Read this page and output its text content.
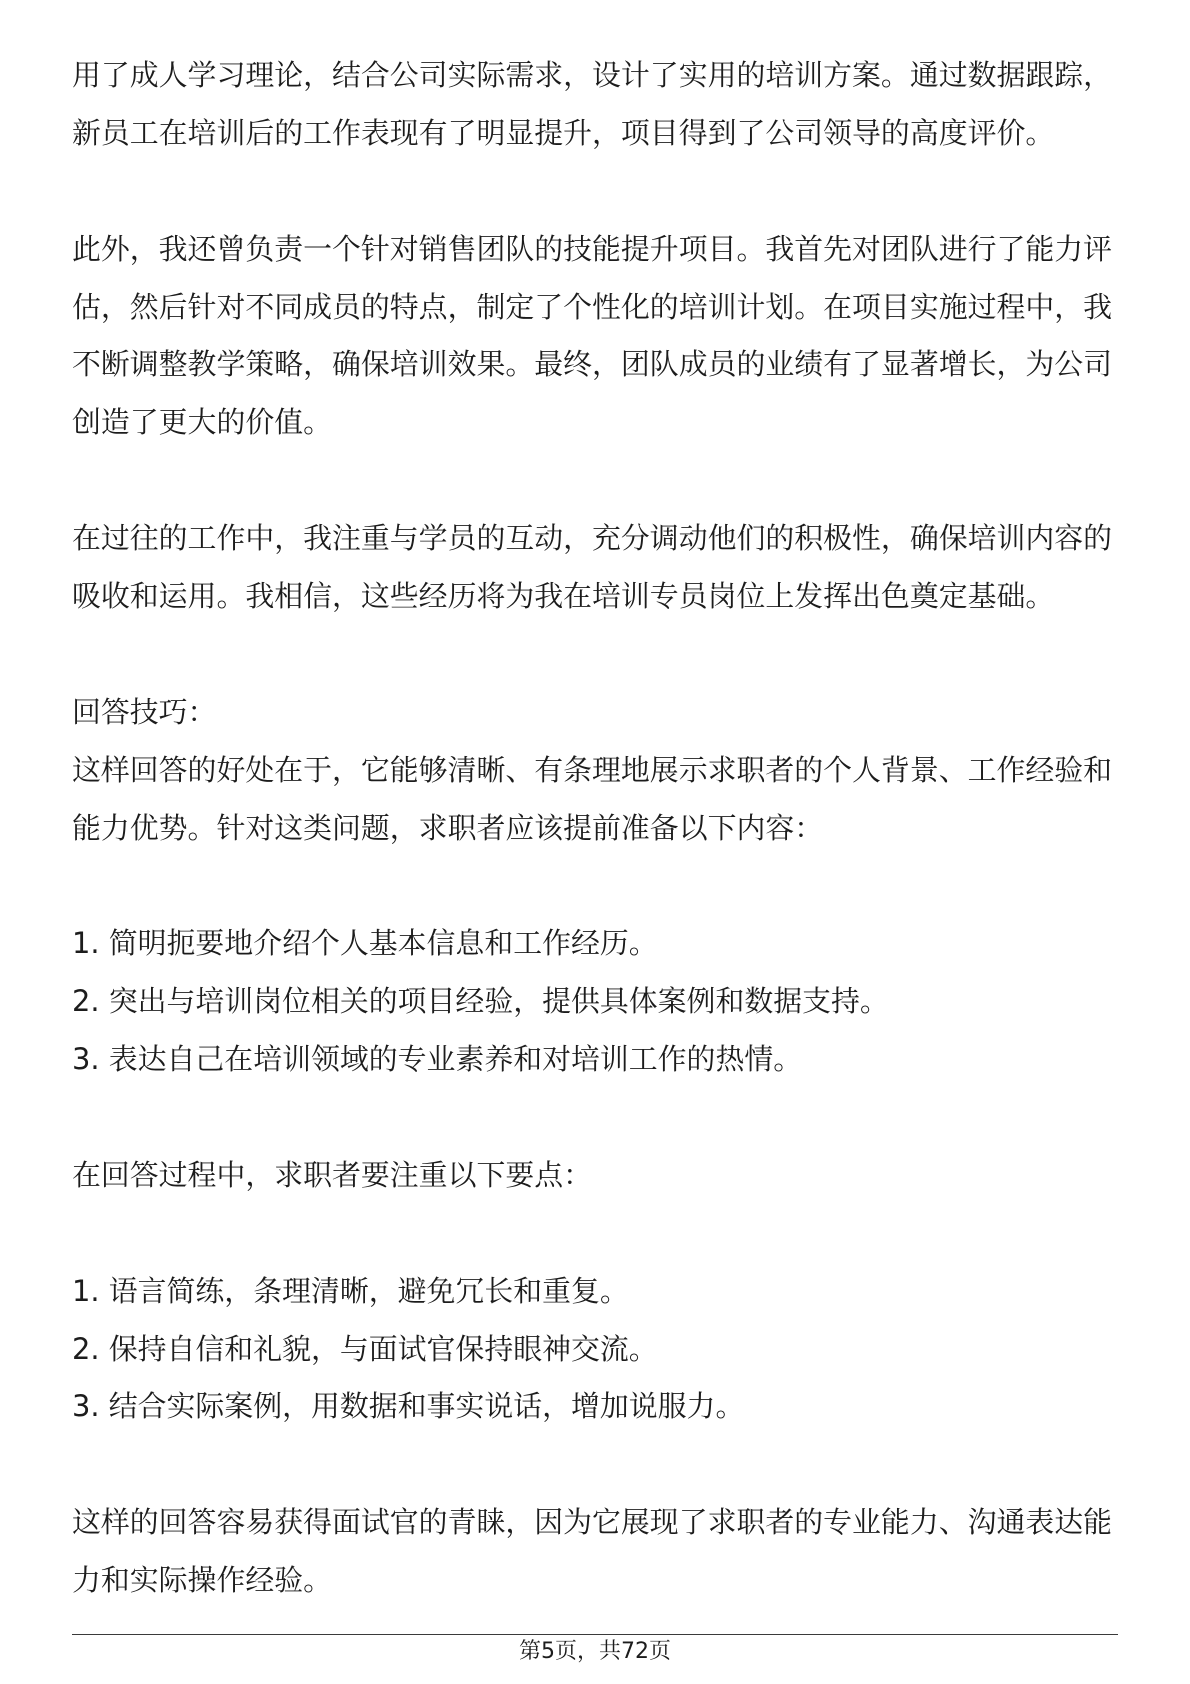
用了成人学习理论，结合公司实际需求，设计了实用的培训方案。通过数据跟踪，
新员工在培训后的工作表现有了明显提升，项目得到了公司领导的高度评价。
此外，我还曾负责一个针对销售团队的技能提升项目。我首先对团队进行了能力评
估，然后针对不同成员的特点，制定了个性化的培训计划。在项目实施过程中，我
不断调整教学策略，确保培训效果。最终，团队成员的业绩有了显著增长，为公司
创造了更大的价值。
在过往的工作中，我注重与学员的互动，充分调动他们的积极性，确保培训内容的
吸收和运用。我相信，这些经历将为我在培训专员岗位上发挥出色奠定基础。
回答技巧：
这样回答的好处在于，它能够清晰、有条理地展示求职者的个人背景、工作经验和
能力优势。针对这类问题，求职者应该提前准备以下内容：
1. 简明扼要地介绍个人基本信息和工作经历。
2. 突出与培训岗位相关的项目经验，提供具体案例和数据支持。
3. 表达自己在培训领域的专业素养和对培训工作的热情。
在回答过程中，求职者要注重以下要点：
1. 语言简练，条理清晰，避免冗长和重复。
2. 保持自信和礼貌，与面试官保持眼神交流。
3. 结合实际案例，用数据和事实说话，增加说服力。
这样的回答容易获得面试官的青睐，因为它展现了求职者的专业能力、沟通表达能
力和实际操作经验。
第5页，共72页
